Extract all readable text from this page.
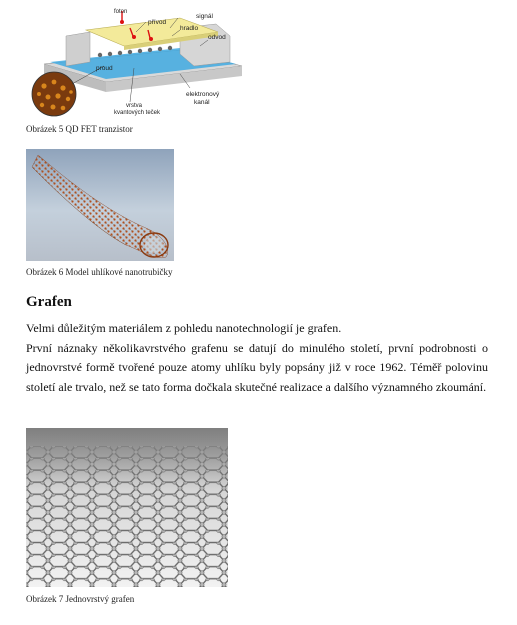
foton
přívod
signál
hradlo
odvod
proud
vrstva
kvantových teček
elektronový
kanál
Obrázek 5 QD FET tranzistor
Obrázek 6 Model uhlíkové nanotrubičky
Grafen

Velmi důležitým materiálem z pohledu nanotechnologií je grafen.

První náznaky několikavrstvého grafenu se datují do minulého století, první podrobnosti o jednovrstvé formě tvořené pouze atomy uhlíku byly popsány již v roce 1962. Téměř polovinu století ale trvalo, než se tato forma dočkala skutečné realizace a dalšího významného zkoumání.

Obrázek 7 Jednovrstvý grafen
